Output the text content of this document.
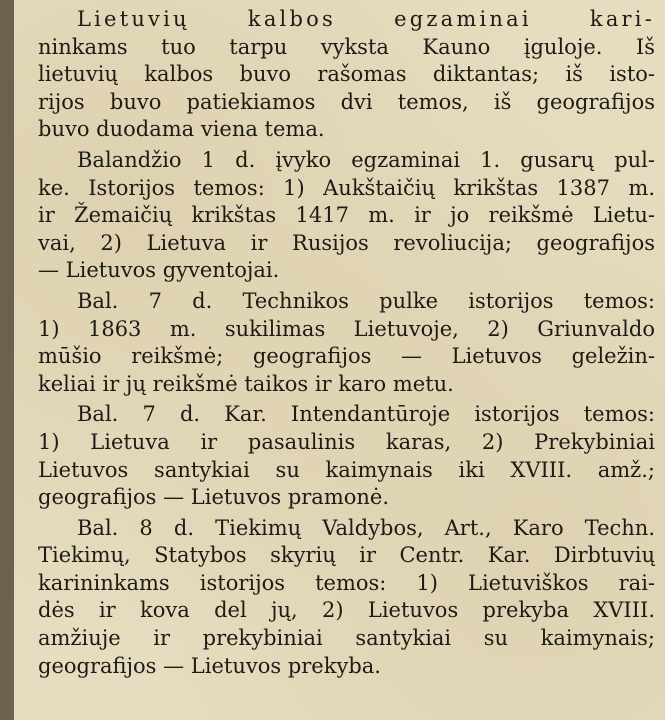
Lietuvių kalbos egzaminai kari-
ninkams tuo tarpu vyksta Kauno įguloje. Iš
lietuvių kalbos buvo rašomas diktantas; iš isto-
rijos buvo patiekiamos dvi temos, iš geografijos
buvo duodama viena tema.
Balandžio 1 d. įvyko egzaminai 1. gusarų pul-
ke. Istorijos temos: 1) Aukštaičių krikštas 1387 m.
ir Žemaičių krikštas 1417 m. ir jo reikšmė Lietu-
vai, 2) Lietuva ir Rusijos revoliucija; geografijos
— Lietuvos gyventojai.
Bal. 7 d. Technikos pulke istorijos temos:
1) 1863 m. sukilimas Lietuvoje, 2) Griunvaldo
mūšio reikšmė; geografijos — Lietuvos geležin-
keliai ir jų reikšmė taikos ir karo metu.
Bal. 7 d. Kar. Intendantūroje istorijos temos:
1) Lietuva ir pasaulinis karas, 2) Prekybiniai
Lietuvos santykiai su kaimynais iki XVIII. amž.;
geografijos — Lietuvos pramonė.
Bal. 8 d. Tiekimų Valdybos, Art., Karo Techn.
Tiekimų, Statybos skyrių ir Centr. Kar. Dirbtuvių
karininkams istorijos temos: 1) Lietuviškos rai-
dės ir kova del jų, 2) Lietuvos prekyba XVIII.
amžiuje ir prekybiniai santykiai su kaimynais;
geografijos — Lietuvos prekyba.
